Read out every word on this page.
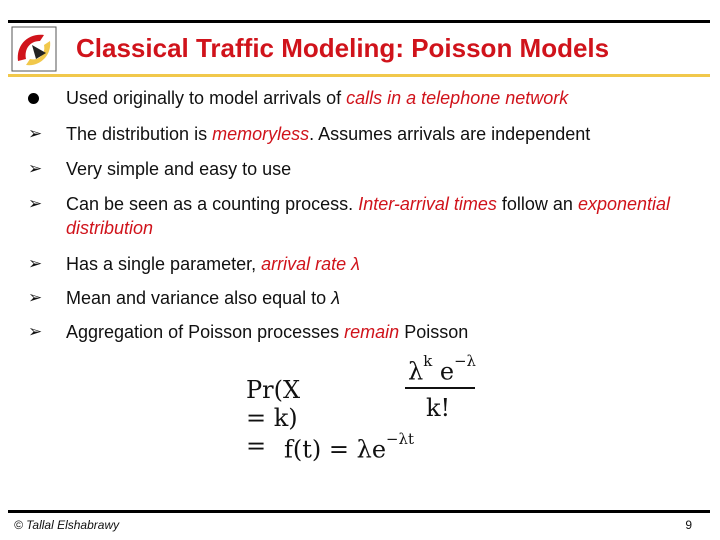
Classical Traffic Modeling: Poisson Models
Used originally to model arrivals of calls in a telephone network
➢ The distribution is memoryless. Assumes arrivals are independent
➢ Very simple and easy to use
➢ Can be seen as a counting process. Inter-arrival times follow an exponential distribution
➢ Has a single parameter, arrival rate λ
➢ Mean and variance also equal to λ
➢ Aggregation of Poisson processes remain Poisson
Pr(X = k) =
$\lambda^k$ $e^{-\lambda}$
k!
$f(t) = \lambda e^{-\lambda t}$
© Tallal Elshabrawy	9
